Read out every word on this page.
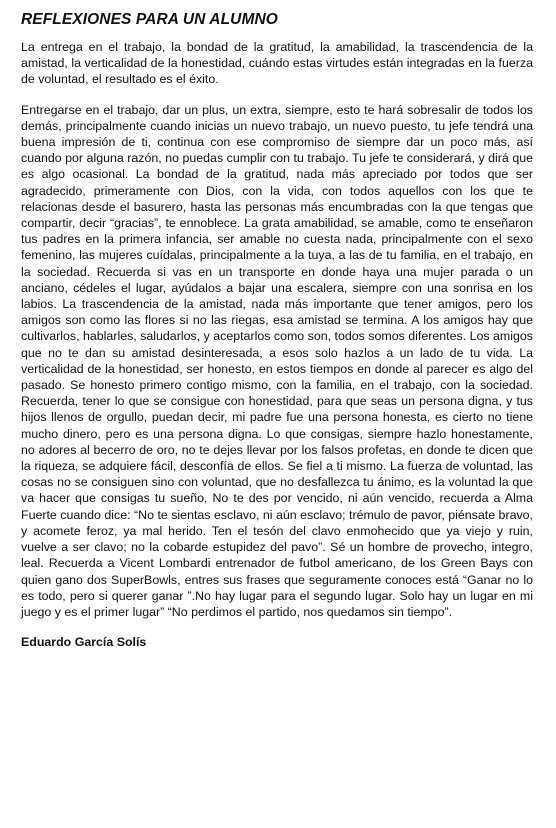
REFLEXIONES PARA UN ALUMNO

La entrega en el trabajo, la bondad de la gratitud, la amabilidad, la trascendencia de la amistad, la verticalidad de la honestidad, cuándo estas virtudes están integradas en la fuerza de voluntad, el resultado es el éxito.

Entregarse en el trabajo, dar un plus, un extra, siempre, esto te hará sobresalir de todos los demás, principalmente cuando inicias un nuevo trabajo, un nuevo puesto, tu jefe tendrá una buena impresión de ti, continua con ese compromiso de siempre dar un poco más, así cuando por alguna razón, no puedas cumplir con tu trabajo. Tu jefe te considerará, y dirá que es algo ocasional. La bondad de la gratitud, nada más apreciado por todos que ser agradecido, primeramente con Dios, con la vida, con todos aquellos con los que te relacionas desde el basurero, hasta las personas más encumbradas con la que tengas que compartir, decir “gracias”, te ennoblece. La grata amabilidad, se amable, como te enseñaron tus padres en la primera infancia, ser amable no cuesta nada, principalmente con el sexo femenino, las mujeres cuídalas, principalmente a la tuya, a las de tu familia, en el trabajo, en la sociedad. Recuerda si vas en un transporte en donde haya una mujer parada o un anciano, cédeles el lugar, ayúdalos a bajar una escalera, siempre con una sonrisa en los labios. La trascendencia de la amistad, nada más importante que tener amigos, pero los amigos son como las flores si no las riegas, esa amistad se termina. A los amigos hay que cultivarlos, hablarles, saludarlos, y aceptarlos como son, todos somos diferentes. Los amigos que no te dan su amistad desinteresada, a esos solo hazlos a un lado de tu vida. La verticalidad de la honestidad, ser honesto, en estos tiempos en donde al parecer es algo del pasado. Se honesto primero contigo mismo, con la familia, en el trabajo, con la sociedad. Recuerda, tener lo que se consigue con honestidad, para que seas un persona digna, y tus hijos llenos de orgullo, puedan decir, mi padre fue una persona honesta, es cierto no tiene mucho dinero, pero es una persona digna. Lo que consigas, siempre hazlo honestamente, no adores al becerro de oro, no te dejes llevar por los falsos profetas, en donde te dicen que la riqueza, se adquiere fácil, desconfía de ellos. Se fiel a ti mismo. La fuerza de voluntad, las cosas no se consiguen sino con voluntad, que no desfallezca tu ánimo, es la voluntad la que va hacer que consigas tu sueño, No te des por vencido, ni aún vencido, recuerda a Alma Fuerte cuando dice: “No te sientas esclavo, ni aún esclavo; trémulo de pavor, piénsate bravo, y acomete feroz, ya mal herido. Ten el tesón del clavo enmohecido que ya viejo y ruin, vuelve a ser clavo; no la cobarde estupidez del pavo”. Sé un hombre de provecho, integro, leal. Recuerda a Vicent Lombardi entrenador de futbol americano, de los Green Bays con quien gano dos SuperBowls, entres sus frases que seguramente conoces está “Ganar no lo es todo, pero si querer ganar ”.No hay lugar para el segundo lugar. Solo hay un lugar en mi juego y es el primer lugar” “No perdimos el partido, nos quedamos sin tiempo”.

Eduardo García Solís
